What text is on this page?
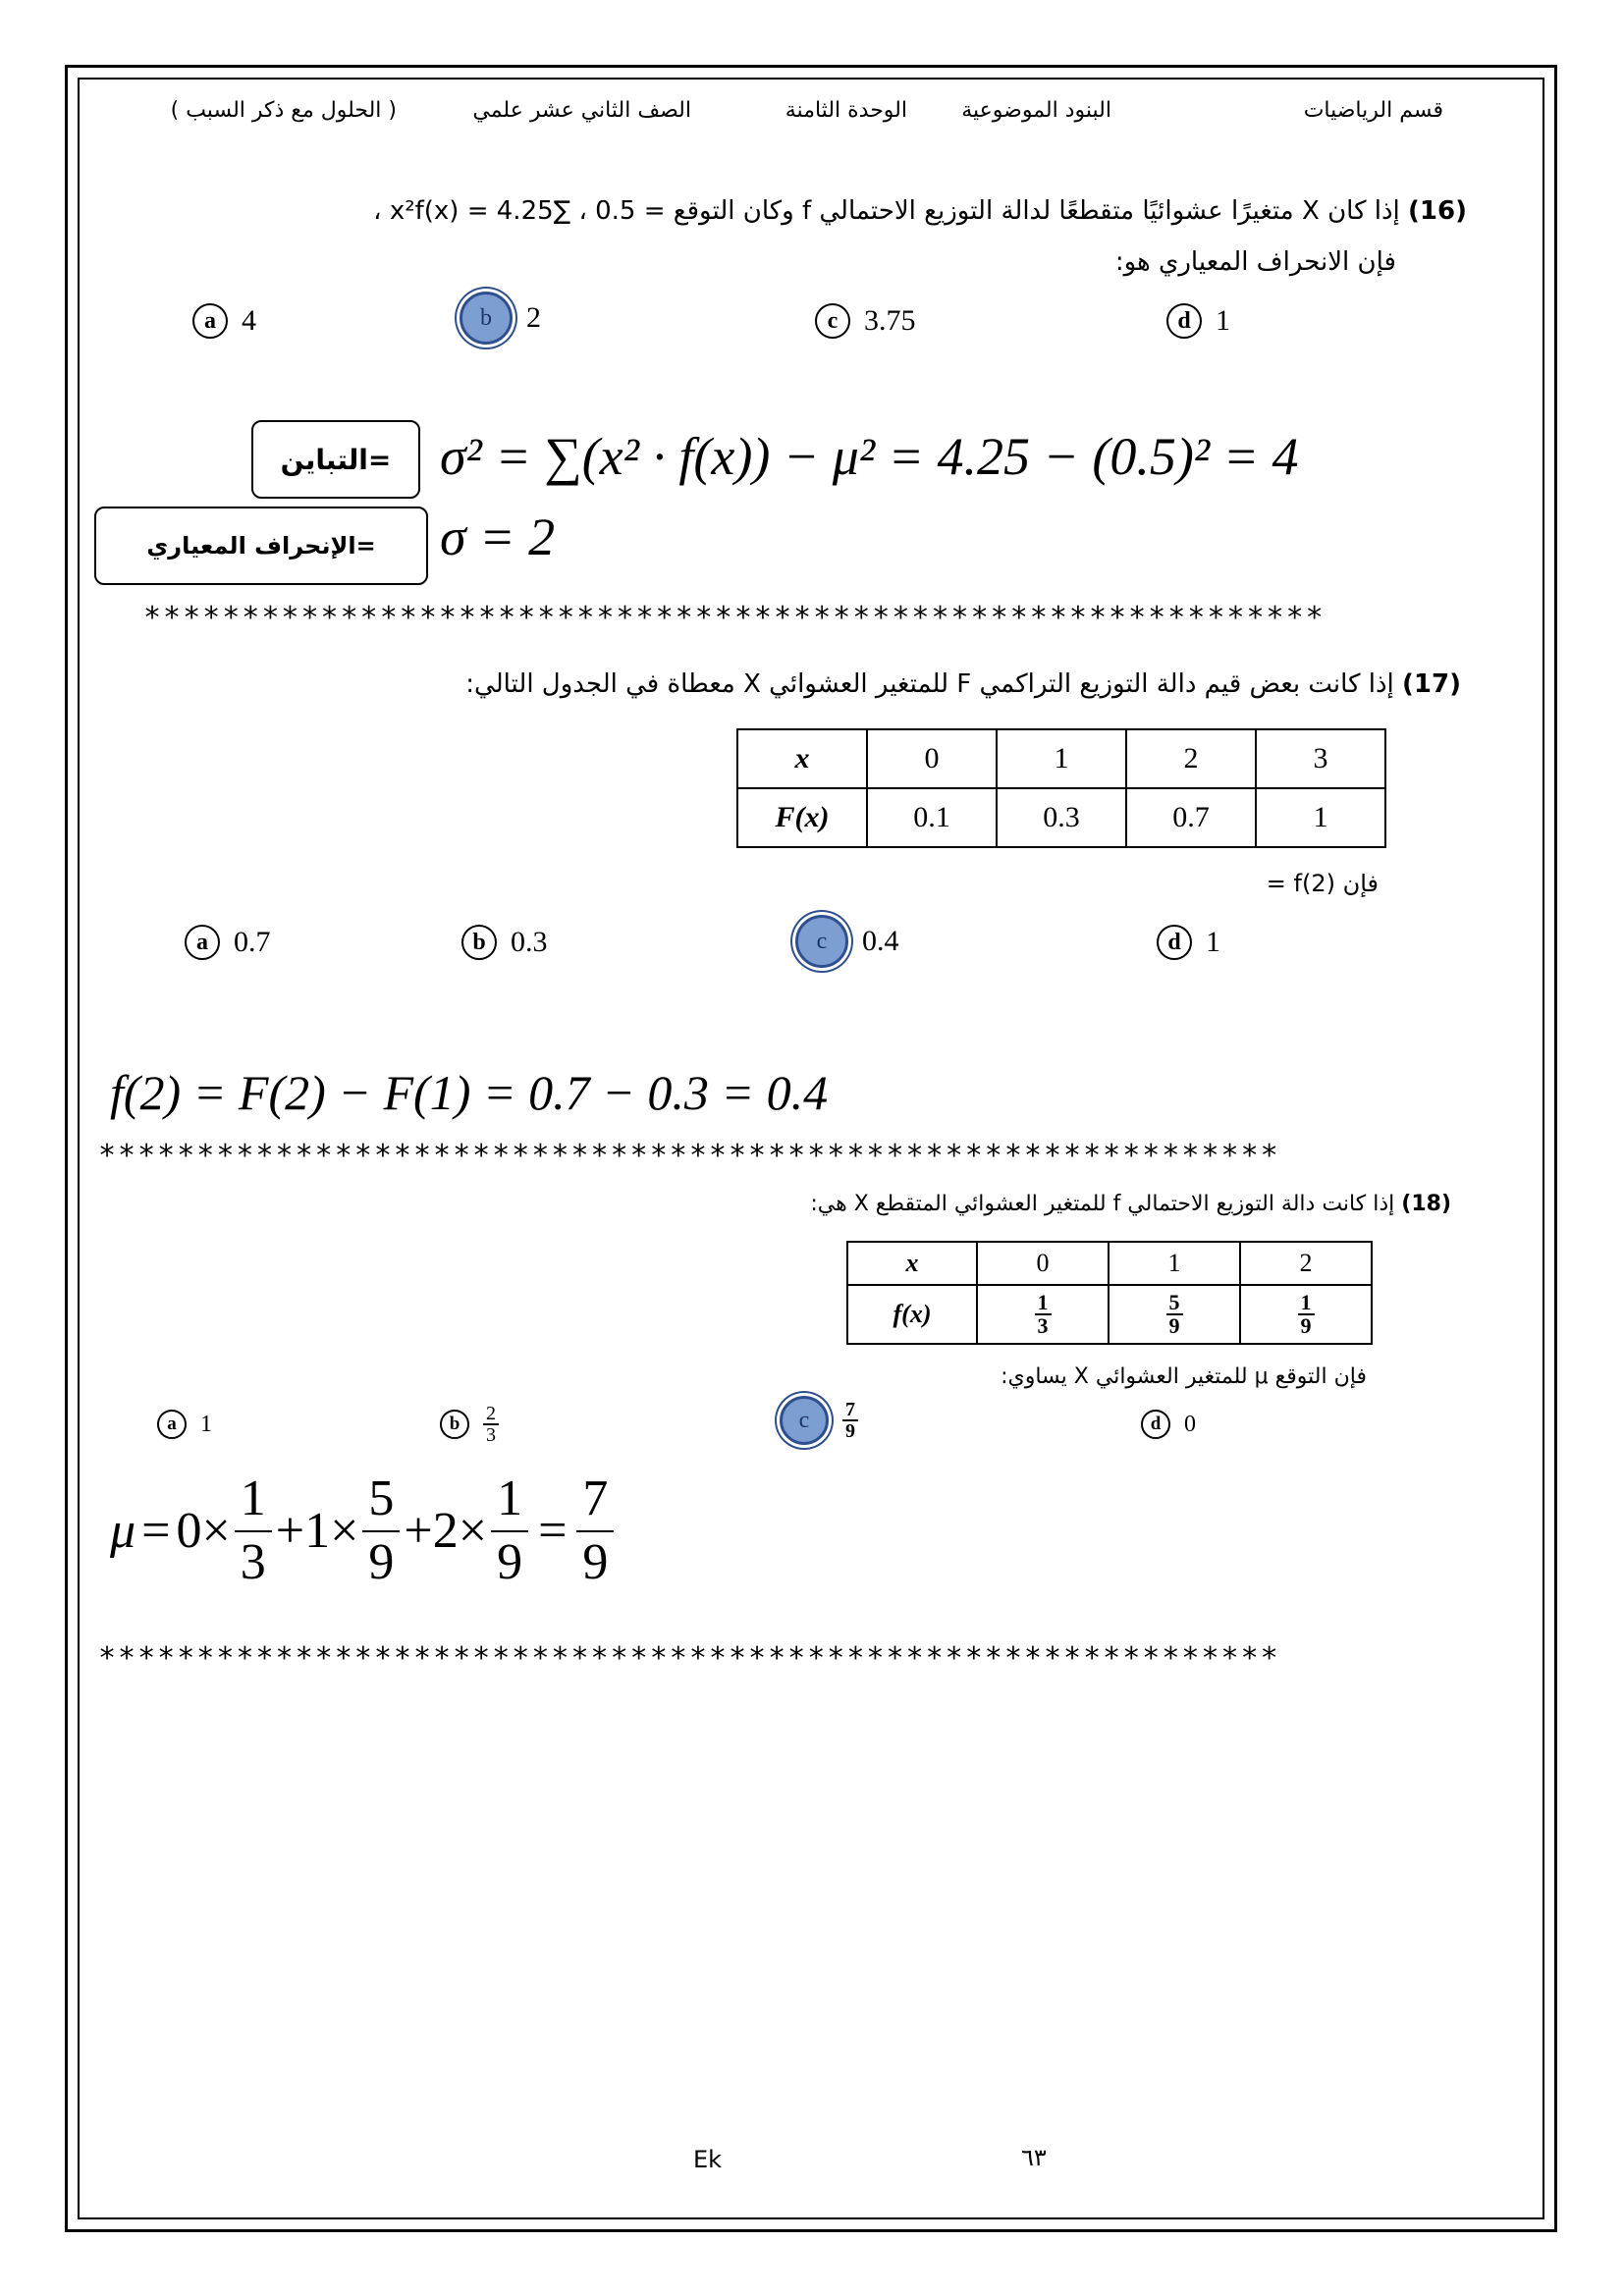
قسم الرياضيات
البنود الموضوعية
الوحدة الثامنة
الصف الثاني عشر علمي
( الحلول مع ذكر السبب )
(16) إذا كان X متغيرًا عشوائيًا متقطعًا لدالة التوزيع الاحتمالي f وكان التوقع = 0.5 ، ∑x²f(x) = 4.25 ،
فإن الانحراف المعياري هو:
a 4	b	2	c 3.75	d 1
=التباين σ² = ∑(x² · f(x)) − μ² = 4.25 − (0.5)² = 4
=الإنحراف المعياري	σ = 2
************************************************************
(17) إذا كانت بعض قيم دالة التوزيع التراكمي F للمتغير العشوائي X معطاة في الجدول التالي:
x	0	1	2	3
F(x)	0.1	0.3	0.7	1
فإن f(2) =
a 0.7	b 0.3	c	0.4	d 1
f(2) = F(2) − F(1) = 0.7 − 0.3 = 0.4
************************************************************
(18) إذا كانت دالة التوزيع الاحتمالي f للمتغير العشوائي المتقطع X هي:
x	0	1	2
f(x)	$\frac{1}{3}$	$\frac{5}{9}$	$\frac{1}{9}$
فإن التوقع μ للمتغير العشوائي X يساوي:
a	1	b	$\frac{2}{3}$	c	$\frac{7}{9}$	d 0
$\mu = 0\times \frac{1}{3} +1\times \frac{5}{9} +2\times \frac{1}{9} = \frac{7}{9}$
************************************************************
Ek	٦٣
